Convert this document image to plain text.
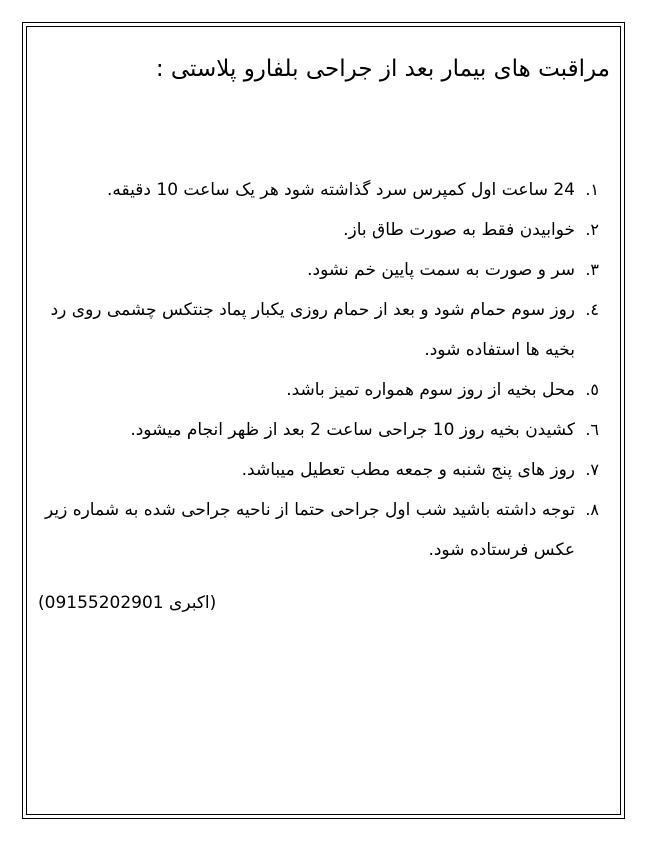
مراقبت های بیمار بعد از جراحی بلفارو پلاستی :
۱.
24 ساعت اول کمپرس سرد گذاشته شود هر یک ساعت 10 دقیقه.
۲.
خوابیدن فقط به صورت طاق باز.
۳.
سر و صورت به سمت پایین خم نشود.
٤.
روز سوم حمام شود و بعد از حمام روزی یکبار پماد جنتکس چشمی روی رد بخیه ها استفاده شود.
٥.
محل بخیه از روز سوم همواره تمیز باشد.
٦.
کشیدن بخیه روز 10 جراحی ساعت 2 بعد از ظهر انجام میشود.
٧.
روز های پنج شنبه و جمعه مطب تعطیل میباشد.
٨.
توجه داشته باشید شب اول جراحی حتما از ناحیه جراحی شده به شماره زیر عکس فرستاده شود.

(09155202901 اکبری)
